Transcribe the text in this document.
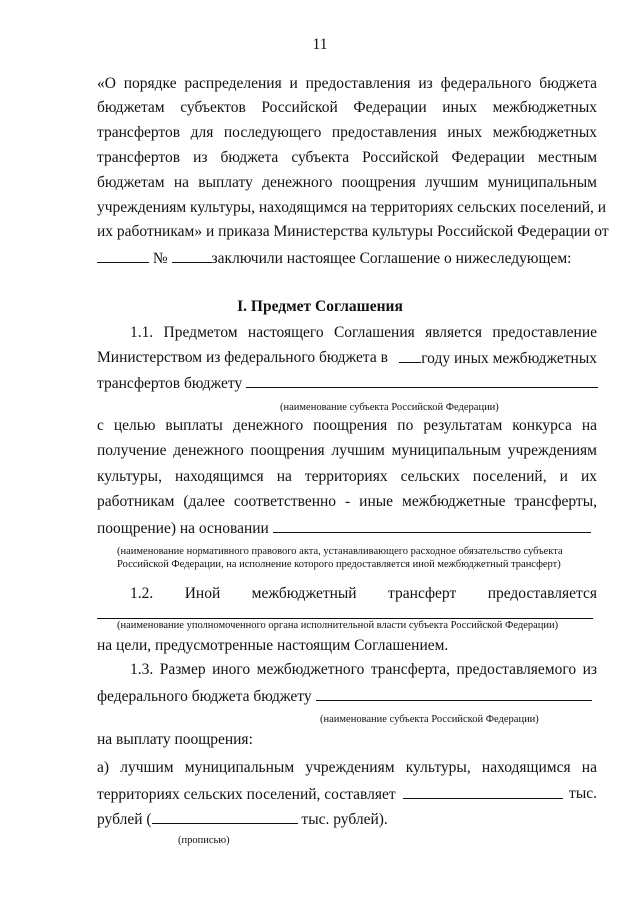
11
«О порядке распределения и предоставления из федерального бюджета
бюджетам субъектов Российской Федерации иных межбюджетных
трансфертов для последующего предоставления иных межбюджетных
трансфертов из бюджета субъекта Российской Федерации местным
бюджетам на выплату денежного поощрения лучшим муниципальным
учреждениям культуры, находящимся на территориях сельских поселений, и
их работникам» и приказа Министерства культуры Российской Федерации от
№	заключили настоящее Соглашение о нижеследующем:
I. Предмет Соглашения
1.1. Предметом настоящего Соглашения является предоставление
Министерством из федерального бюджета в	году иных межбюджетных
трансфертов бюджету
(наименование субъекта Российской Федерации)
с целью выплаты денежного поощрения по результатам конкурса на
получение денежного поощрения лучшим муниципальным учреждениям
культуры, находящимся на территориях сельских поселений, и их
работникам (далее соответственно - иные межбюджетные трансферты,
поощрение) на основании
(наименование нормативного правового акта, устанавливающего расходное обязательство субъекта
Российской Федерации, на исполнение которого предоставляется иной межбюджетный трансферт)
1.2. Иной межбюджетный трансферт предоставляется
(наименование уполномоченного органа исполнительной власти субъекта Российской Федерации)
на цели, предусмотренные настоящим Соглашением.
1.3. Размер иного межбюджетного трансферта, предоставляемого из
федерального бюджета бюджету
(наименование субъекта Российской Федерации)
на выплату поощрения:
а) лучшим муниципальным учреждениям культуры, находящимся на
территориях сельских поселений, составляет	тыс.
рублей (	тыс. рублей).
(прописью)
